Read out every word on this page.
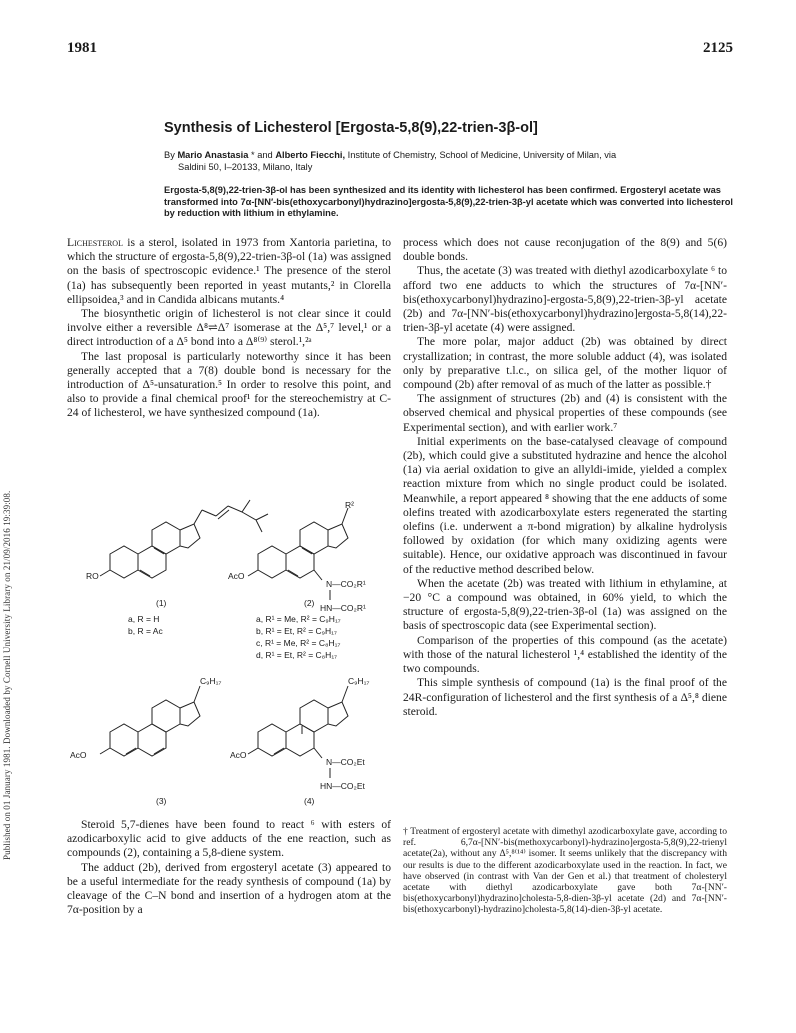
1981	2125
Published on 01 January 1981. Downloaded by Cornell University Library on 21/09/2016 19:39:08.
Synthesis of Lichesterol [Ergosta-5,8(9),22-trien-3β-ol]
By Mario Anastasia * and Alberto Fiecchi, Institute of Chemistry, School of Medicine, University of Milan, via
Saldini 50, I–20133, Milano, Italy
Ergosta-5,8(9),22-trien-3β-ol has been synthesized and its identity with lichesterol has been confirmed. Ergosteryl acetate was transformed into 7α-[NN′-bis(ethoxycarbonyl)hydrazino]ergosta-5,8(9),22-trien-3β-yl acetate which was converted into lichesterol by reduction with lithium in ethylamine.

Lichesterol is a sterol, isolated in 1973 from Xantoria parietina, to which the structure of ergosta-5,8(9),22-trien-3β-ol (1a) was assigned on the basis of spectroscopic evidence.¹ The presence of the sterol (1a) has subsequently been reported in yeast mutants,² in Clorella ellipsoidea,³ and in Candida albicans mutants.⁴

The biosynthetic origin of lichesterol is not clear since it could involve either a reversible Δ⁸⇌Δ⁷ isomerase at the Δ⁵,⁷ level,¹ or a direct introduction of a Δ⁵ bond into a Δ⁸⁽⁹⁾ sterol.¹,²ᵃ

The last proposal is particularly noteworthy since it has been generally accepted that a 7(8) double bond is necessary for the introduction of Δ⁵-unsaturation.⁵ In order to resolve this point, and also to provide a final chemical proof¹ for the stereochemistry at C-24 of lichesterol, we have synthesized compound (1a).

RO
(1)
a, R = H
b, R = Ac
R²
AcO
N—CO₂R¹
HN—CO₂R¹
(2)
a, R¹ = Me, R² = C₉H₁₇
b, R¹ = Et, R² = C₉H₁₇
c, R¹ = Me, R² = C₈H₁₇
d, R¹ = Et, R² = C₈H₁₇
C₉H₁₇
AcO
(3)
C₉H₁₇
AcO
N—CO₂Et
HN—CO₂Et
(4)

Steroid 5,7-dienes have been found to react ⁶ with esters of azodicarboxylic acid to give adducts of the ene reaction, such as compounds (2), containing a 5,8-diene system.

The adduct (2b), derived from ergosteryl acetate (3) appeared to be a useful intermediate for the ready synthesis of compound (1a) by cleavage of the C–N bond and insertion of a hydrogen atom at the 7α-position by a

process which does not cause reconjugation of the 8(9) and 5(6) double bonds.

Thus, the acetate (3) was treated with diethyl azodicarboxylate ⁶ to afford two ene adducts to which the structures of 7α-[NN′-bis(ethoxycarbonyl)hydrazino]-ergosta-5,8(9),22-trien-3β-yl acetate (2b) and 7α-[NN′-bis(ethoxycarbonyl)hydrazino]ergosta-5,8(14),22-trien-3β-yl acetate (4) were assigned.

The more polar, major adduct (2b) was obtained by direct crystallization; in contrast, the more soluble adduct (4), was isolated only by preparative t.l.c., on silica gel, of the mother liquor of compound (2b) after removal of as much of the latter as possible.†

The assignment of structures (2b) and (4) is consistent with the observed chemical and physical properties of these compounds (see Experimental section), and with earlier work.⁷

Initial experiments on the base-catalysed cleavage of compound (2b), which could give a substituted hydrazine and hence the alcohol (1a) via aerial oxidation to give an allyldi-imide, yielded a complex reaction mixture from which no single product could be isolated. Meanwhile, a report appeared ⁸ showing that the ene adducts of some olefins treated with azodicarboxylate esters regenerated the starting olefins (i.e. underwent a π-bond migration) by alkaline hydrolysis followed by oxidation (for which many oxidizing agents were suitable). Hence, our oxidative approach was discontinued in favour of the reductive method described below.

When the acetate (2b) was treated with lithium in ethylamine, at −20 °C a compound was obtained, in 60% yield, to which the structure of ergosta-5,8(9),22-trien-3β-ol (1a) was assigned on the basis of spectroscopic data (see Experimental section).

Comparison of the properties of this compound (as the acetate) with those of the natural lichesterol ¹,⁴ established the identity of the two compounds.

This simple synthesis of compound (1a) is the final proof of the 24R-configuration of lichesterol and the first synthesis of a Δ⁵,⁸ diene steroid.

† Treatment of ergosteryl acetate with dimethyl azodicarboxylate gave, according to ref. 6,7α-[NN′-bis(methoxycarbonyl)-hydrazino]ergosta-5,8(9),22-trienyl acetate(2a), without any Δ⁵,⁸⁽¹⁴⁾ isomer. It seems unlikely that the discrepancy with our results is due to the different azodicarboxylate used in the reaction. In fact, we have observed (in contrast with Van der Gen et al.) that treatment of cholesteryl acetate with diethyl azodicarboxylate gave both 7α-[NN′-bis(ethoxycarbonyl)hydrazino]cholesta-5,8-dien-3β-yl acetate (2d) and 7α-[NN′-bis(ethoxycarbonyl)-hydrazino]cholesta-5,8(14)-dien-3β-yl acetate.
